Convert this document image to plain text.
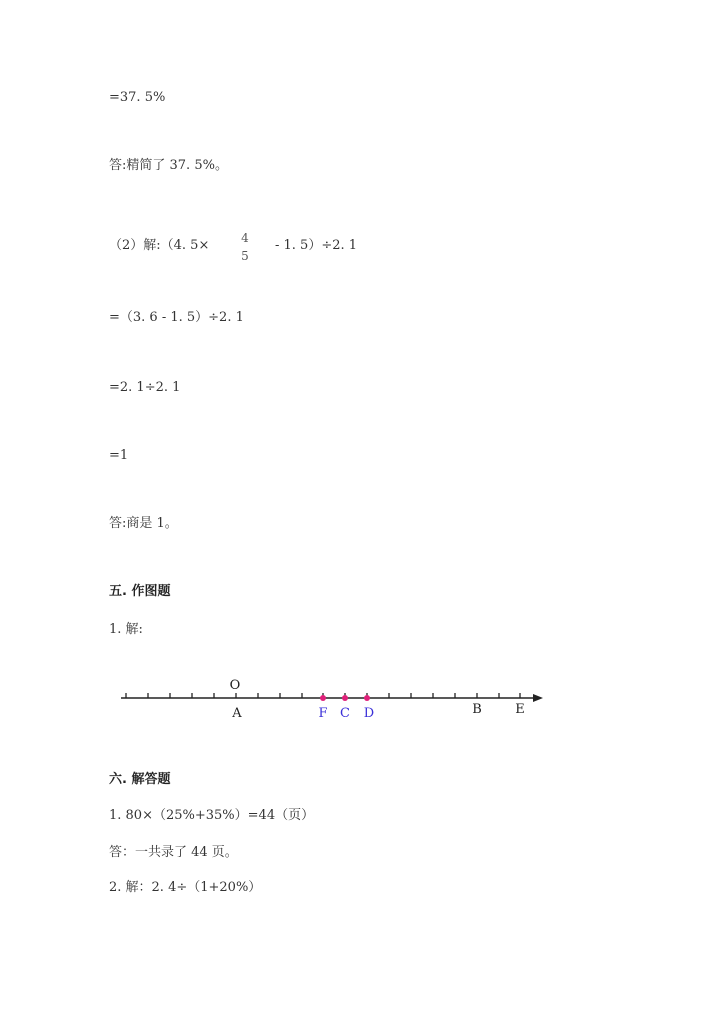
=37. 5%
答:精简了 37. 5%。
（2）解:（4. 5×	4
5
- 1. 5）÷2. 1
=（3. 6 - 1. 5）÷2. 1
=2. 1÷2. 1
=1
答:商是 1。
五. 作图题
1. 解:
O
A	F C D	B	E
六. 解答题
1. 80×（25%+35%）=44（页）
答：一共录了 44 页。
2. 解：2. 4÷（1+20%）
